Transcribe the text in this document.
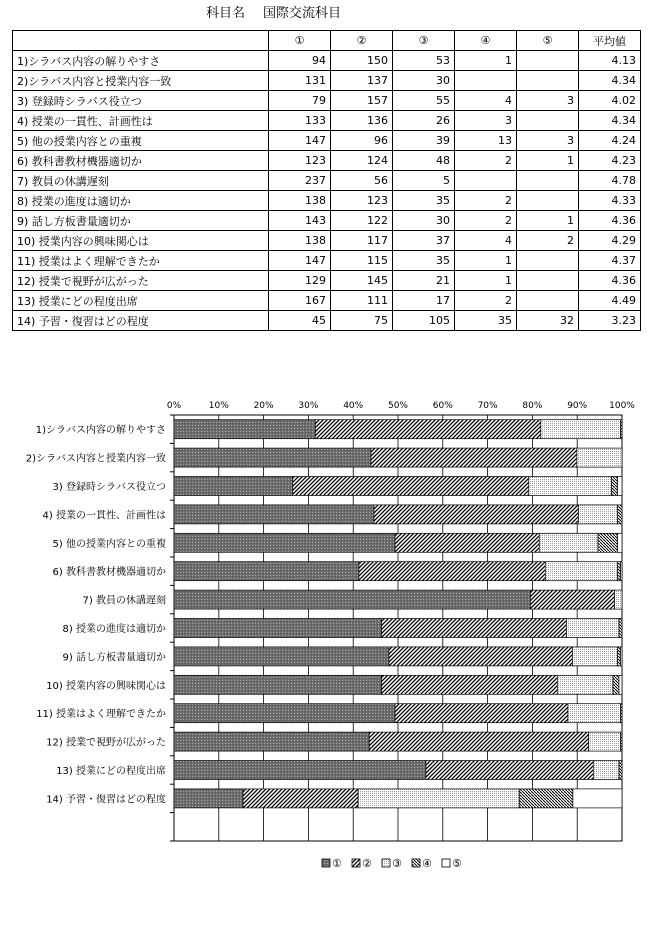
科目名 国際交流科目
	①	②	③	④	⑤	平均値
1)シラバス内容の解りやすさ	94	150	53	1		4.13
2)シラバス内容と授業内容一致	131	137	30			4.34
3) 登録時シラバス役立つ	79	157	55	4	3	4.02
4) 授業の一貫性、計画性は	133	136	26	3		4.34
5) 他の授業内容との重複	147	96	39	13	3	4.24
6) 教科書教材機器適切か	123	124	48	2	1	4.23
7) 教員の休講遅刻	237	56	5			4.78
8) 授業の進度は適切か	138	123	35	2		4.33
9) 話し方板書量適切か	143	122	30	2	1	4.36
10) 授業内容の興味関心は	138	117	37	4	2	4.29
11) 授業はよく理解できたか	147	115	35	1		4.37
12) 授業で視野が広がった	129	145	21	1		4.36
13) 授業にどの程度出席	167	111	17	2		4.49
14) 予習・復習はどの程度	45	75	105	35	32	3.23
1)シラバス内容の解りやすさ
2)シラバス内容と授業内容一致
3) 登録時シラバス役立つ
4) 授業の一貫性、計画性は
5) 他の授業内容との重複
6) 教科書教材機器適切か
7) 教員の休講遅刻
8) 授業の進度は適切か
9) 話し方板書量適切か
10) 授業内容の興味関心は
11) 授業はよく理解できたか
12) 授業で視野が広がった
13) 授業にどの程度出席
14) 予習・復習はどの程度
0%	10%	20%	30%	40%	50%	60%	70%	80%	90% 100%
① ② ③ ④ ⑤
